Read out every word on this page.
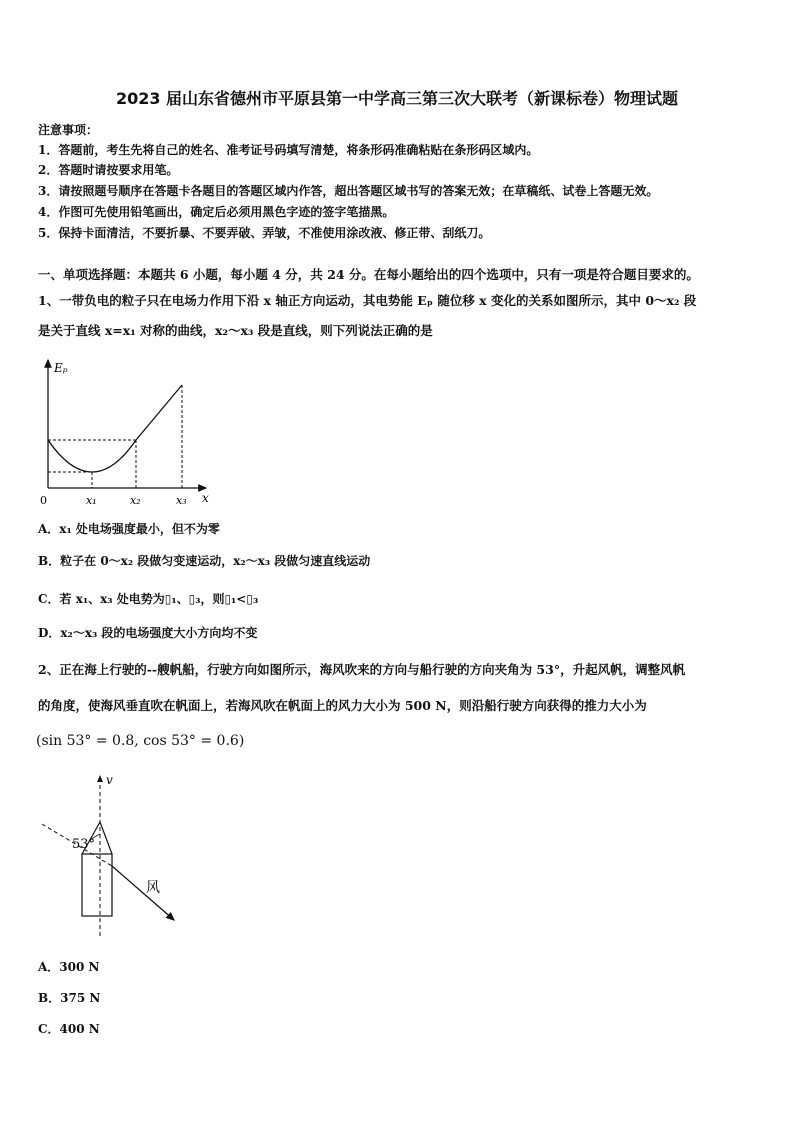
2023 届山东省德州市平原县第一中学高三第三次大联考（新课标卷）物理试题
注意事项：
1．答题前，考生先将自己的姓名、准考证号码填写清楚，将条形码准确粘贴在条形码区域内。
2．答题时请按要求用笔。
3．请按照题号顺序在答题卡各题目的答题区域内作答，超出答题区域书写的答案无效；在草稿纸、试卷上答题无效。
4．作图可先使用铅笔画出，确定后必须用黑色字迹的签字笔描黑。
5．保持卡面清洁，不要折暴、不要弄破、弄皱，不准使用涂改液、修正带、刮纸刀。
一、单项选择题：本题共 6 小题，每小题 4 分，共 24 分。在每小题给出的四个选项中，只有一项是符合题目要求的。
1、一带负电的粒子只在电场力作用下沿 x 轴正方向运动，其电势能 Eₚ 随位移 x 变化的关系如图所示，其中 0～x₂ 段
是关于直线 x=x₁ 对称的曲线，x₂～x₃ 段是直线，则下列说法正确的是
Eₚ
x
0	x₁	x₂	x₃
A．x₁ 处电场强度最小，但不为零
B．粒子在 0～x₂ 段做匀变速运动，x₂～x₃ 段做匀速直线运动
C．若 x₁、x₃ 处电势为▯₁、▯₃，则▯₁<▯₃
D．x₂～x₃ 段的电场强度大小方向均不变
2、正在海上行驶的--艘帆船，行驶方向如图所示，海风吹来的方向与船行驶的方向夹角为 53°，升起风帆，调整风帆
的角度，使海风垂直吹在帆面上，若海风吹在帆面上的风力大小为 500 N，则沿船行驶方向获得的推力大小为
(sin 53° = 0.8, cos 53° = 0.6)
v
53°
风
A．300 N
B．375 N
C．400 N
